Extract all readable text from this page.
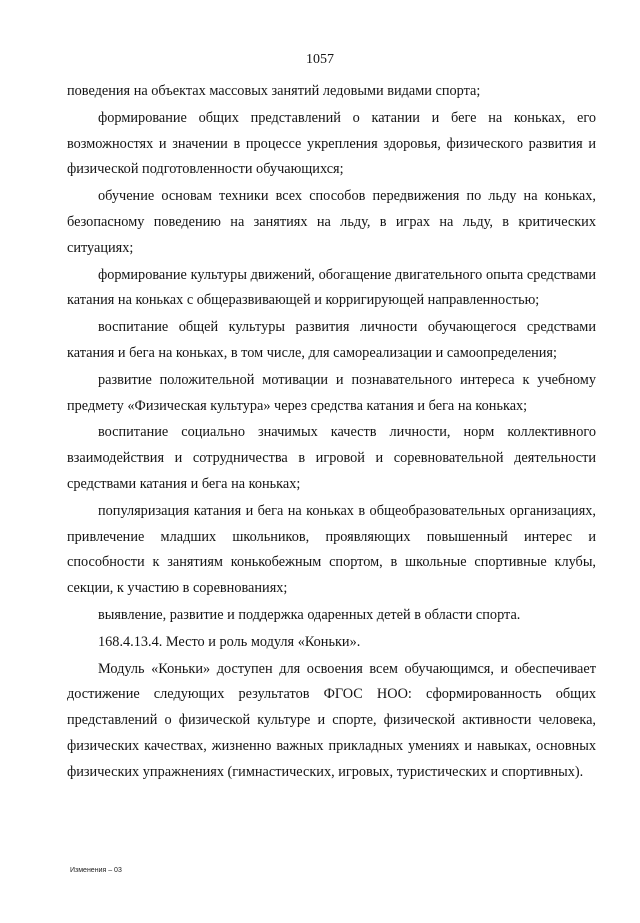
1057

поведения на объектах массовых занятий ледовыми видами спорта;

формирование общих представлений о катании и беге на коньках, его возможностях и значении в процессе укрепления здоровья, физического развития и физической подготовленности обучающихся;

обучение основам техники всех способов передвижения по льду на коньках, безопасному поведению на занятиях на льду, в играх на льду, в критических ситуациях;

формирование культуры движений, обогащение двигательного опыта средствами катания на коньках с общеразвивающей и корригирующей направленностью;

воспитание общей культуры развития личности обучающегося средствами катания и бега на коньках, в том числе, для самореализации и самоопределения;

развитие положительной мотивации и познавательного интереса к учебному предмету «Физическая культура» через средства катания и бега на коньках;

воспитание социально значимых качеств личности, норм коллективного взаимодействия и сотрудничества в игровой и соревновательной деятельности средствами катания и бега на коньках;

популяризация катания и бега на коньках в общеобразовательных организациях, привлечение младших школьников, проявляющих повышенный интерес и способности к занятиям конькобежным спортом, в школьные спортивные клубы, секции, к участию в соревнованиях;

выявление, развитие и поддержка одаренных детей в области спорта.

168.4.13.4. Место и роль модуля «Коньки».

Модуль «Коньки» доступен для освоения всем обучающимся, и обеспечивает достижение следующих результатов ФГОС НОО: сформированность общих представлений о физической культуре и спорте, физической активности человека, физических качествах, жизненно важных прикладных умениях и навыках, основных физических упражнениях (гимнастических, игровых, туристических и спортивных).

Изменения – 03
